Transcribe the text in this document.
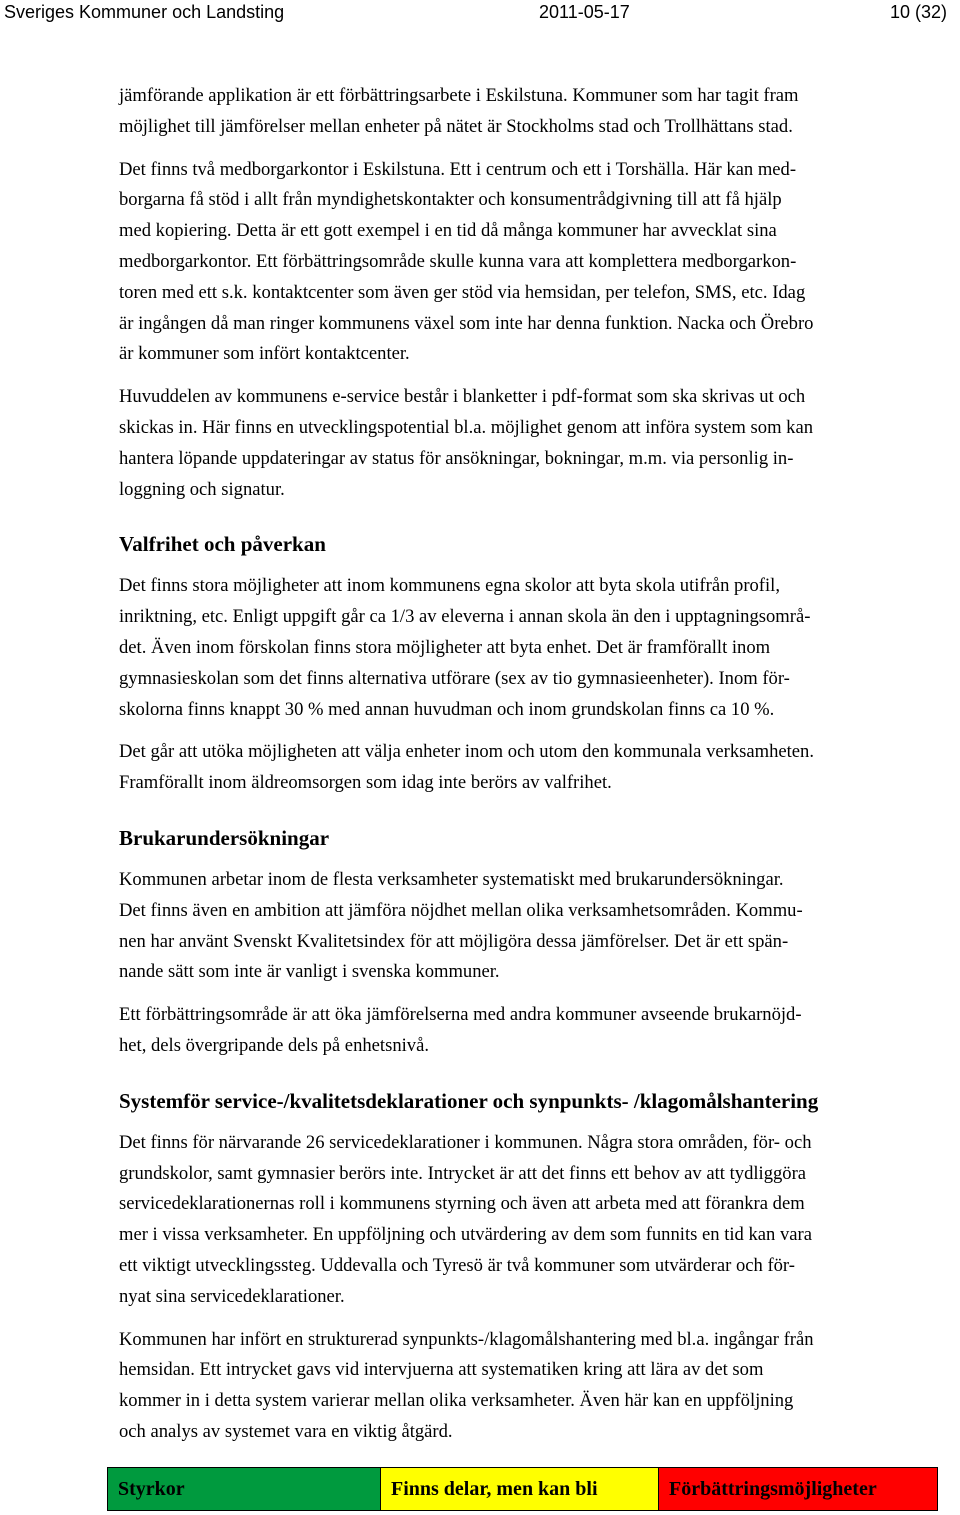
Sveriges Kommuner och Landsting	2011-05-17	10 (32)

jämförande applikation är ett förbättringsarbete i Eskilstuna. Kommuner som har tagit fram

möjlighet till jämförelser mellan enheter på nätet är Stockholms stad och Trollhättans stad.

Det finns två medborgarkontor i Eskilstuna. Ett i centrum och ett i Torshälla. Här kan med-

borgarna få stöd i allt från myndighetskontakter och konsumentrådgivning till att få hjälp

med kopiering. Detta är ett gott exempel i en tid då många kommuner har avvecklat sina

medborgarkontor. Ett förbättringsområde skulle kunna vara att komplettera medborgarkon-

toren med ett s.k. kontaktcenter som även ger stöd via hemsidan, per telefon, SMS, etc. Idag

är ingången då man ringer kommunens växel som inte har denna funktion. Nacka och Örebro

är kommuner som infört kontaktcenter.

Huvuddelen av kommunens e-service består i blanketter i pdf-format som ska skrivas ut och

skickas in. Här finns en utvecklingspotential bl.a. möjlighet genom att införa system som kan

hantera löpande uppdateringar av status för ansökningar, bokningar, m.m. via personlig in-

loggning och signatur.

Valfrihet och påverkan

Det finns stora möjligheter att inom kommunens egna skolor att byta skola utifrån profil,

inriktning, etc. Enligt uppgift går ca 1/3 av eleverna i annan skola än den i upptagningsområ-

det. Även inom förskolan finns stora möjligheter att byta enhet. Det är framförallt inom

gymnasieskolan som det finns alternativa utförare (sex av tio gymnasieenheter). Inom för-

skolorna finns knappt 30 % med annan huvudman och inom grundskolan finns ca 10 %.

Det går att utöka möjligheten att välja enheter inom och utom den kommunala verksamheten.

Framförallt inom äldreomsorgen som idag inte berörs av valfrihet.

Brukarundersökningar

Kommunen arbetar inom de flesta verksamheter systematiskt med brukarundersökningar.

Det finns även en ambition att jämföra nöjdhet mellan olika verksamhetsområden. Kommu-

nen har använt Svenskt Kvalitetsindex för att möjligöra dessa jämförelser. Det är ett spän-

nande sätt som inte är vanligt i svenska kommuner.

Ett förbättringsområde är att öka jämförelserna med andra kommuner avseende brukarnöjd-

het, dels övergripande dels på enhetsnivå.

Systemför service-/kvalitetsdeklarationer och synpunkts- /klagomålshantering

Det finns för närvarande 26 servicedeklarationer i kommunen. Några stora områden, för- och

grundskolor, samt gymnasier berörs inte. Intrycket är att det finns ett behov av att tydliggöra

servicedeklarationernas roll i kommunens styrning och även att arbeta med att förankra dem

mer i vissa verksamheter. En uppföljning och utvärdering av dem som funnits en tid kan vara

ett viktigt utvecklingssteg. Uddevalla och Tyresö är två kommuner som utvärderar och för-

nyat sina servicedeklarationer.

Kommunen har infört en strukturerad synpunkts-/klagomålshantering med bl.a. ingångar från

hemsidan. Ett intrycket gavs vid intervjuerna att systematiken kring att lära av det som

kommer in i detta system varierar mellan olika verksamheter. Även här kan en uppföljning

och analys av systemet vara en viktig åtgärd.

Styrkor	Finns delar, men kan bli	Förbättringsmöjligheter
